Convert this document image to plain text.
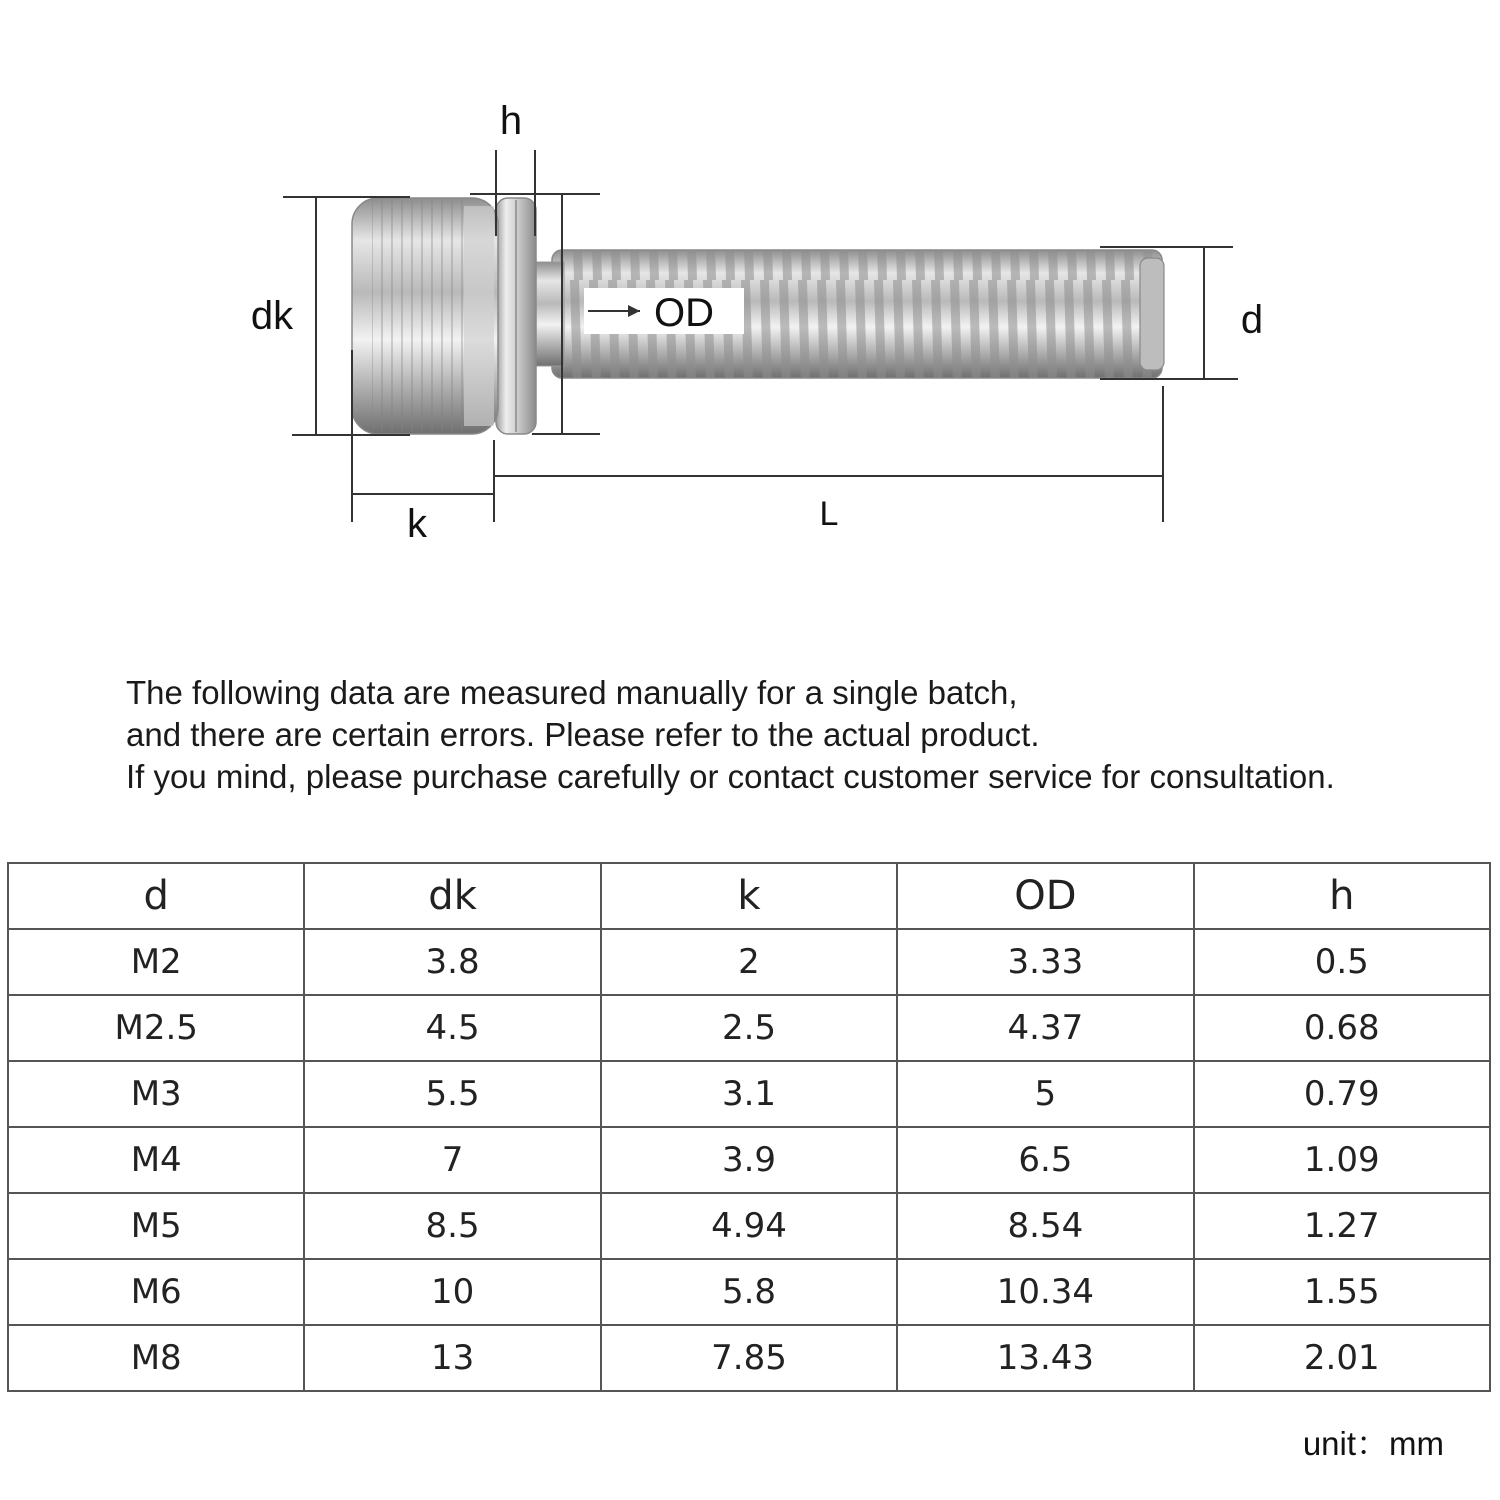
h
dk	OD	d
k	L
The following data are measured manually for a single batch,
and there are certain errors. Please refer to the actual product.
If you mind, please purchase carefully or contact customer service for consultation.
d	dk	k	OD	h
M2	3.8	2	3.33	0.5
M2.5	4.5	2.5	4.37	0.68
M3	5.5	3.1	5	0.79
M4	7	3.9	6.5	1.09
M5	8.5	4.94	8.54	1.27
M6	10	5.8	10.34	1.55
M8	13	7.85	13.43	2.01
unit：mm
